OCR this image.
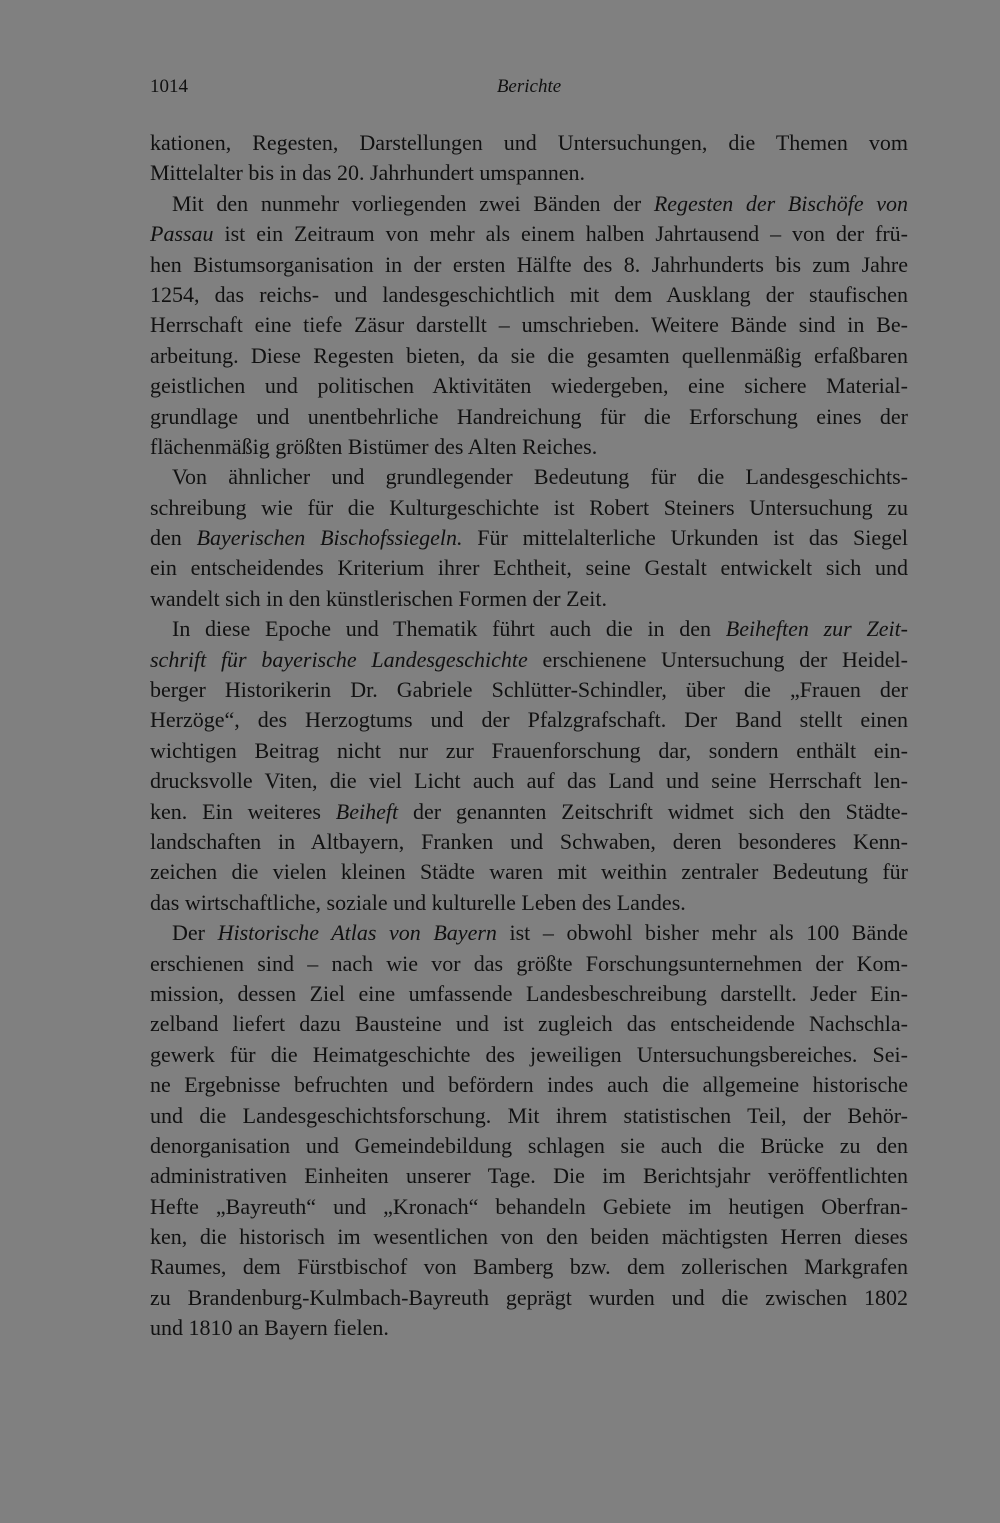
1014	Berichte
kationen, Regesten, Darstellungen und Untersuchungen, die Themen vom
Mittelalter bis in das 20. Jahrhundert umspannen.
Mit den nunmehr vorliegenden zwei Bänden der Regesten der Bischöfe von
Passau ist ein Zeitraum von mehr als einem halben Jahrtausend – von der frü-
hen Bistumsorganisation in der ersten Hälfte des 8. Jahrhunderts bis zum Jahre
1254, das reichs- und landesgeschichtlich mit dem Ausklang der staufischen
Herrschaft eine tiefe Zäsur darstellt – umschrieben. Weitere Bände sind in Be-
arbeitung. Diese Regesten bieten, da sie die gesamten quellenmäßig erfaßbaren
geistlichen und politischen Aktivitäten wiedergeben, eine sichere Material-
grundlage und unentbehrliche Handreichung für die Erforschung eines der
flächenmäßig größten Bistümer des Alten Reiches.
Von ähnlicher und grundlegender Bedeutung für die Landesgeschichts-
schreibung wie für die Kulturgeschichte ist Robert Steiners Untersuchung zu
den Bayerischen Bischofssiegeln. Für mittelalterliche Urkunden ist das Siegel
ein entscheidendes Kriterium ihrer Echtheit, seine Gestalt entwickelt sich und
wandelt sich in den künstlerischen Formen der Zeit.
In diese Epoche und Thematik führt auch die in den Beiheften zur Zeit-
schrift für bayerische Landesgeschichte erschienene Untersuchung der Heidel-
berger Historikerin Dr. Gabriele Schlütter-Schindler, über die „Frauen der
Herzöge“, des Herzogtums und der Pfalzgrafschaft. Der Band stellt einen
wichtigen Beitrag nicht nur zur Frauenforschung dar, sondern enthält ein-
drucksvolle Viten, die viel Licht auch auf das Land und seine Herrschaft len-
ken. Ein weiteres Beiheft der genannten Zeitschrift widmet sich den Städte-
landschaften in Altbayern, Franken und Schwaben, deren besonderes Kenn-
zeichen die vielen kleinen Städte waren mit weithin zentraler Bedeutung für
das wirtschaftliche, soziale und kulturelle Leben des Landes.
Der Historische Atlas von Bayern ist – obwohl bisher mehr als 100 Bände
erschienen sind – nach wie vor das größte Forschungsunternehmen der Kom-
mission, dessen Ziel eine umfassende Landesbeschreibung darstellt. Jeder Ein-
zelband liefert dazu Bausteine und ist zugleich das entscheidende Nachschla-
gewerk für die Heimatgeschichte des jeweiligen Untersuchungsbereiches. Sei-
ne Ergebnisse befruchten und befördern indes auch die allgemeine historische
und die Landesgeschichtsforschung. Mit ihrem statistischen Teil, der Behör-
denorganisation und Gemeindebildung schlagen sie auch die Brücke zu den
administrativen Einheiten unserer Tage. Die im Berichtsjahr veröffentlichten
Hefte „Bayreuth“ und „Kronach“ behandeln Gebiete im heutigen Oberfran-
ken, die historisch im wesentlichen von den beiden mächtigsten Herren dieses
Raumes, dem Fürstbischof von Bamberg bzw. dem zollerischen Markgrafen
zu Brandenburg-Kulmbach-Bayreuth geprägt wurden und die zwischen 1802
und 1810 an Bayern fielen.
